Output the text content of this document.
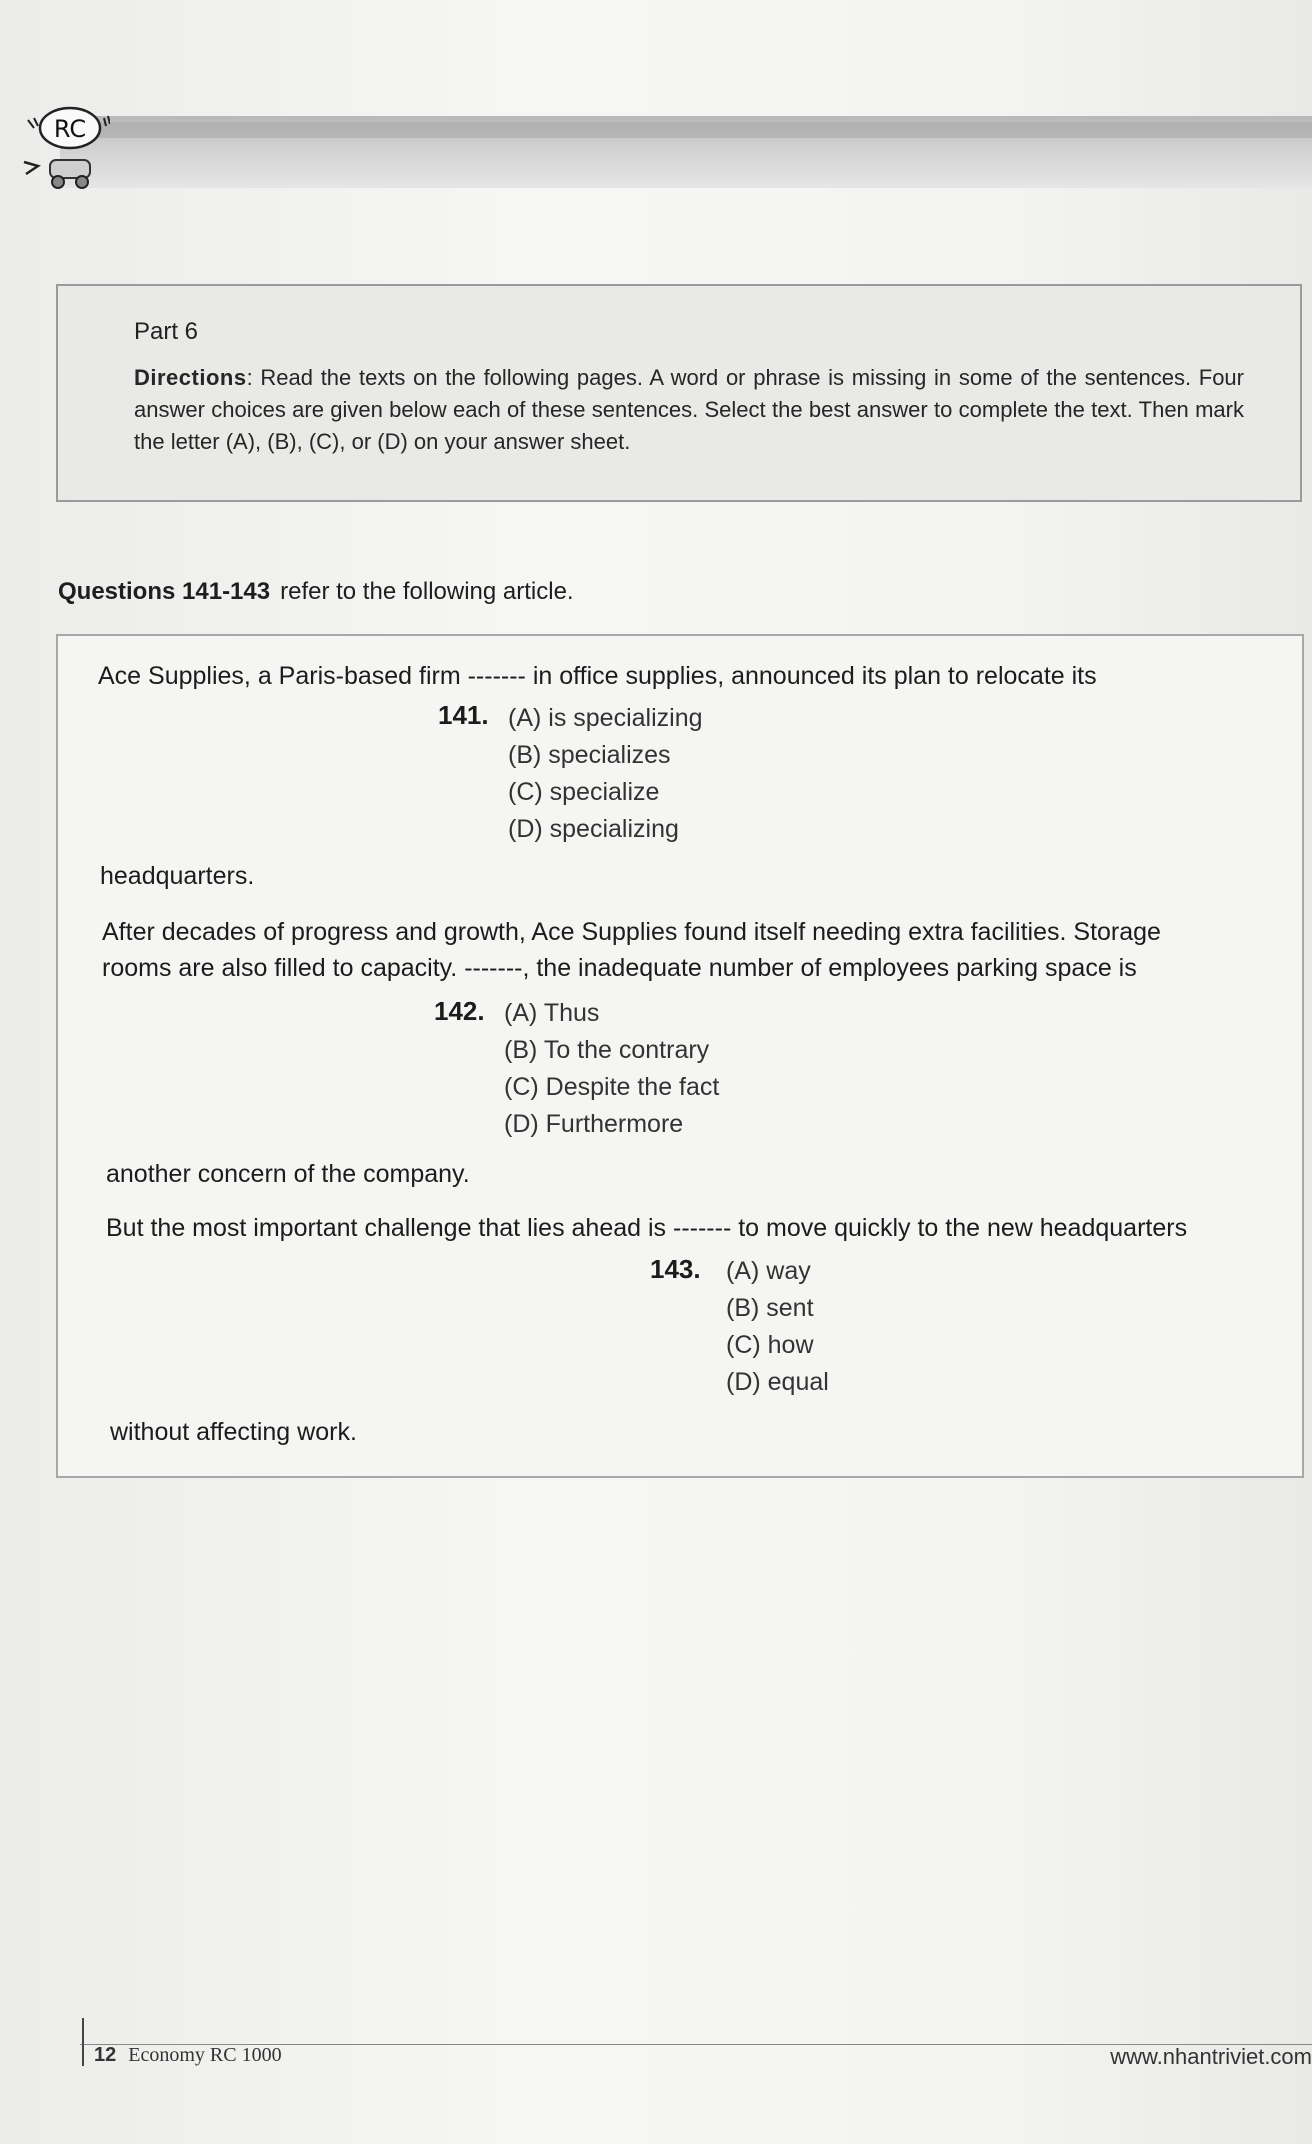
RC
Part 6
Directions: Read the texts on the following pages. A word or phrase is missing in some of the sentences. Four answer choices are given below each of these sentences. Select the best answer to complete the text. Then mark the letter (A), (B), (C), or (D) on your answer sheet.
Questions 141-143 refer to the following article.
Ace Supplies, a Paris-based firm ------- in office supplies, announced its plan to relocate its
141. (A) is specializing
(B) specializes
(C) specialize
(D) specializing
headquarters.
After decades of progress and growth, Ace Supplies found itself needing extra facilities. Storage
rooms are also filled to capacity. -------, the inadequate number of employees parking space is
142. (A) Thus
(B) To the contrary
(C) Despite the fact
(D) Furthermore
another concern of the company.
But the most important challenge that lies ahead is ------- to move quickly to the new headquarters
143. (A) way
(B) sent
(C) how
(D) equal
without affecting work.
12 Economy RC 1000	www.nhantriviet.com
